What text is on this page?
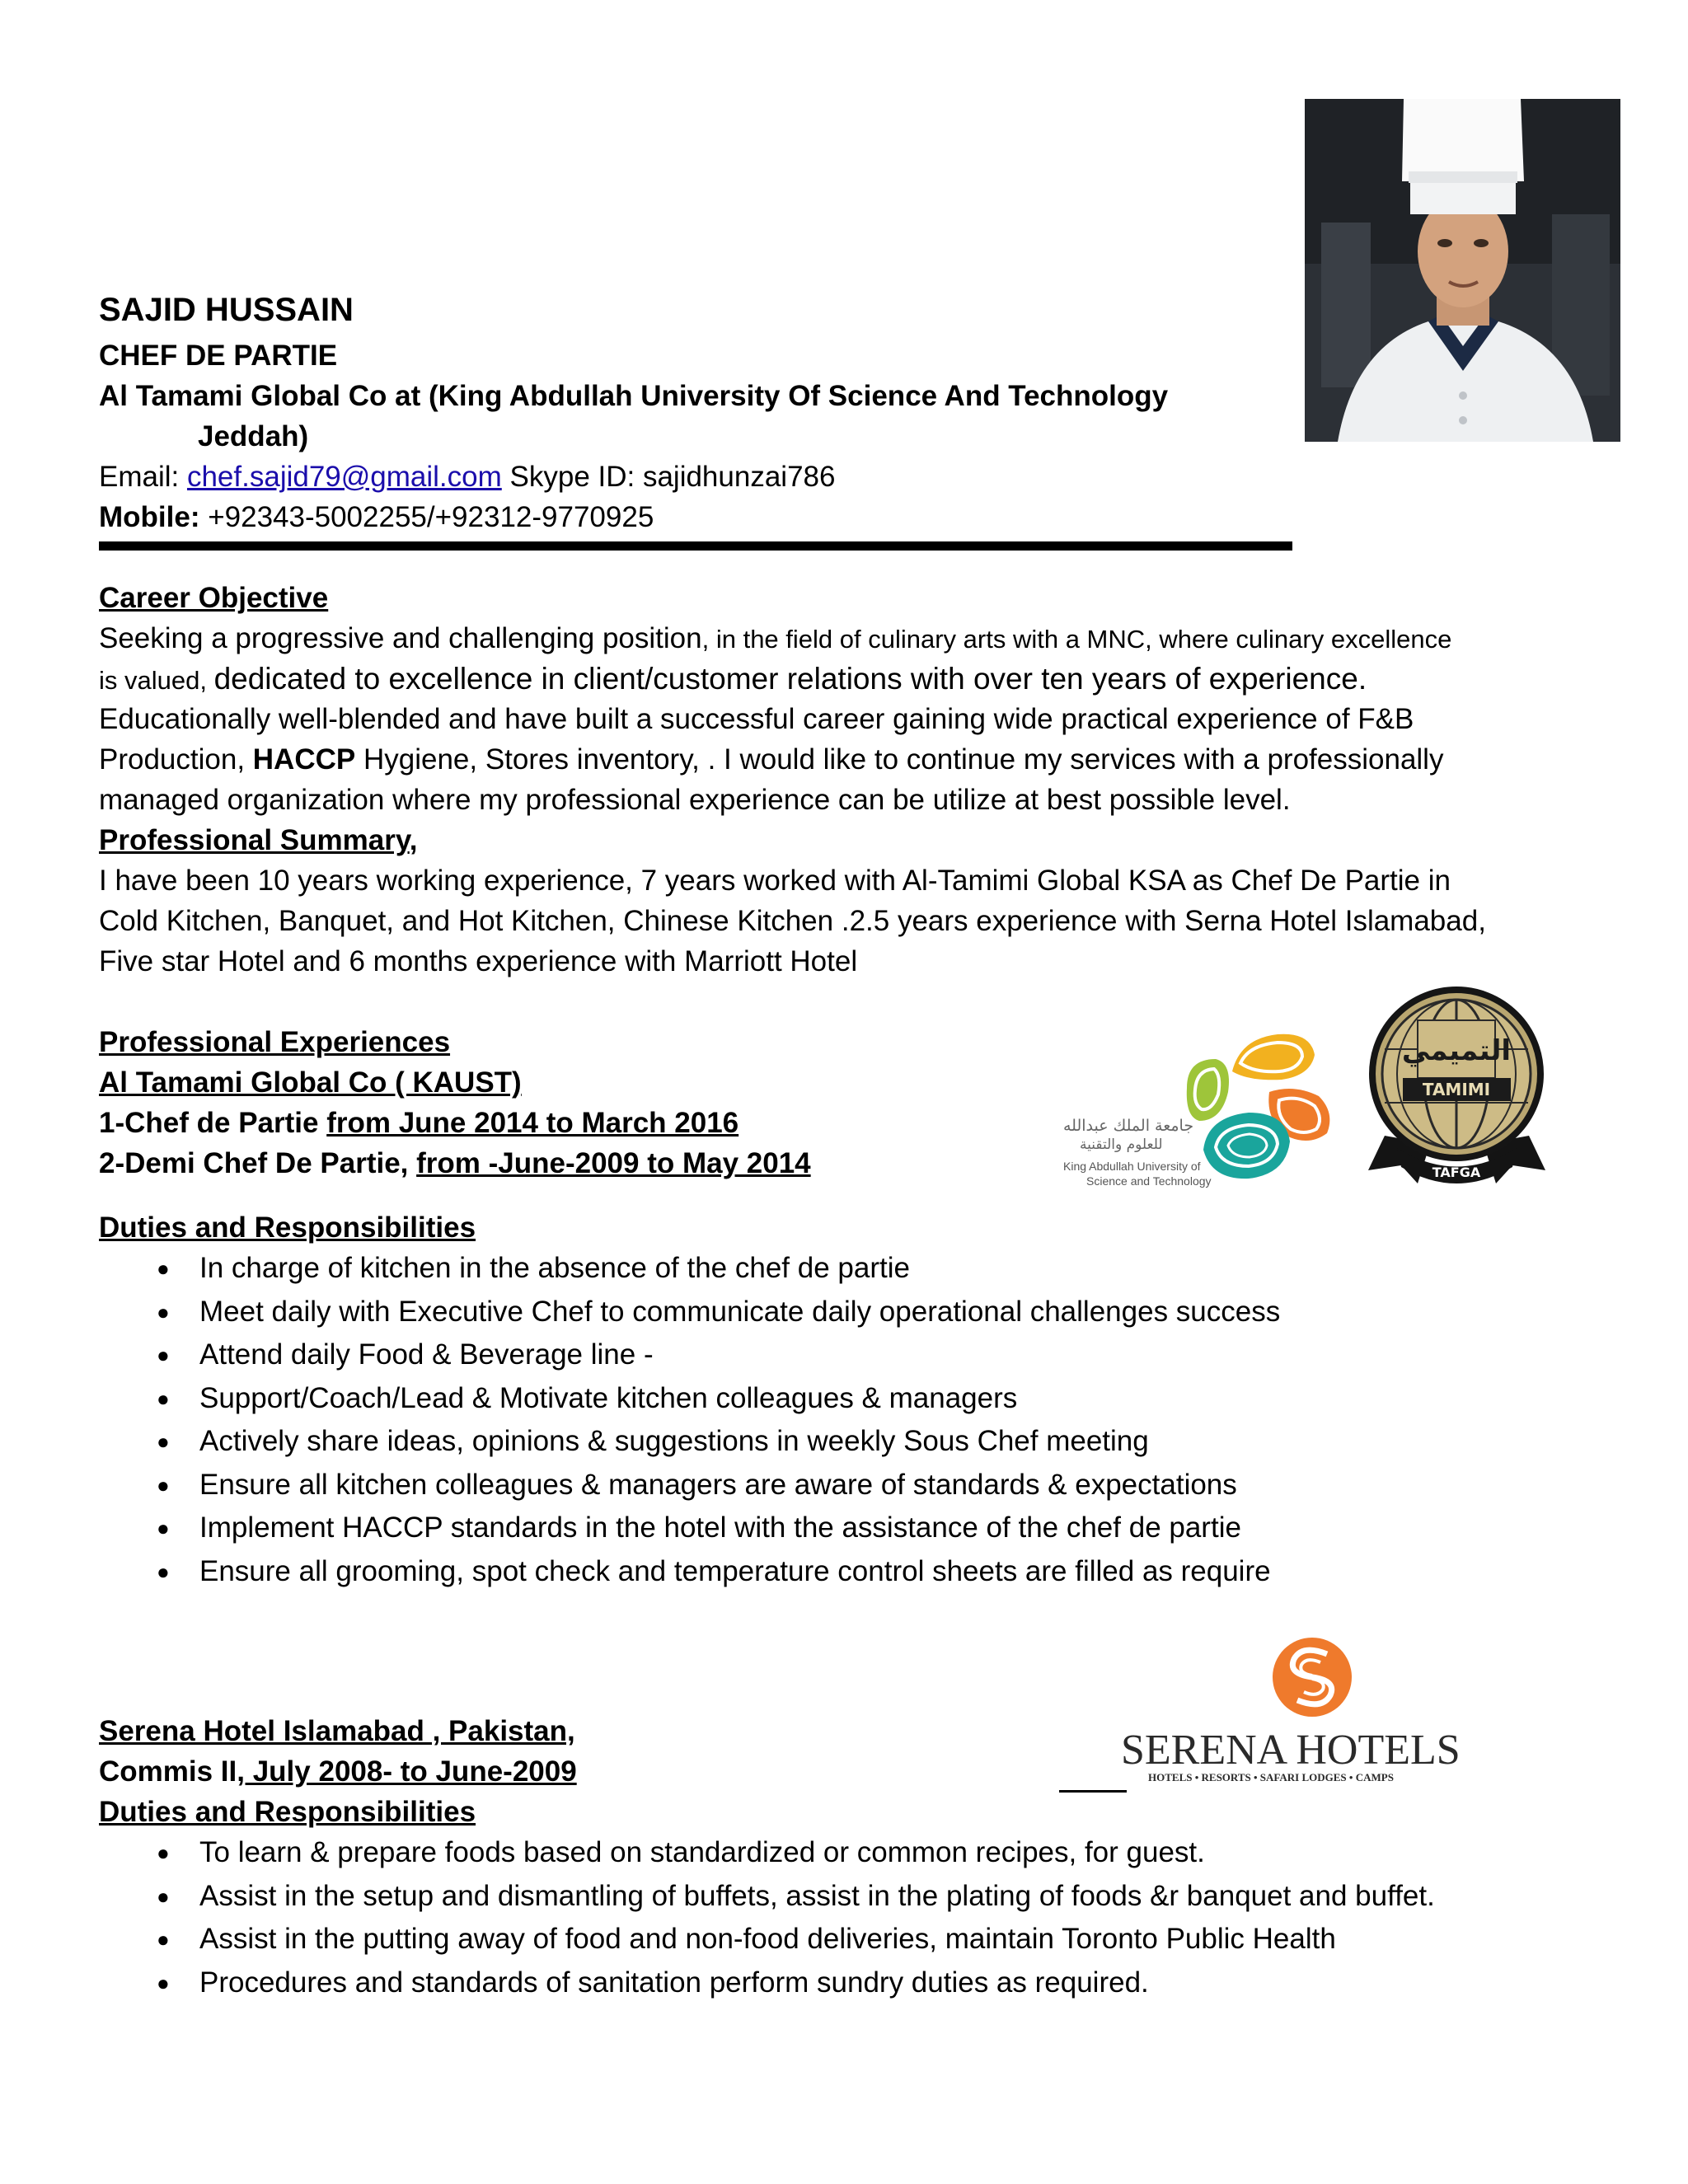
SAJID HUSSAIN
CHEF DE PARTIE
Al Tamami Global Co at (King Abdullah University Of Science And Technology
Jeddah)
Email: chef.sajid79@gmail.com Skype ID: sajidhunzai786
Mobile: +92343-5002255/+92312-9770925
Career Objective
Seeking a progressive and challenging position, in the field of culinary arts with a MNC, where culinary excellence
is valued, dedicated to excellence in client/customer relations with over ten years of experience.
Educationally well-blended and have built a successful career gaining wide practical experience of F&B
Production, HACCP Hygiene, Stores inventory, . I would like to continue my services with a professionally
managed organization where my professional experience can be utilize at best possible level.
Professional Summary,
I have been 10 years working experience, 7 years worked with Al-Tamimi Global KSA as Chef De Partie in
Cold Kitchen, Banquet, and Hot Kitchen, Chinese Kitchen .2.5 years experience with Serna Hotel Islamabad,
Five star Hotel and 6 months experience with Marriott Hotel
Professional Experiences
Al Tamami Global Co ( KAUST)
1-Chef de Partie from June 2014 to March 2016
2-Demi Chef De Partie, from -June-2009 to May 2014
جامعة الملك عبدالله
للعلوم والتقنية
King Abdullah University of
Science and Technology
التميمي
TAMIMI
TAFGA
Duties and Responsibilities
● In charge of kitchen in the absence of the chef de partie
● Meet daily with Executive Chef to communicate daily operational challenges success
● Attend daily Food & Beverage line -
● Support/Coach/Lead & Motivate kitchen colleagues & managers
● Actively share ideas, opinions & suggestions in weekly Sous Chef meeting
● Ensure all kitchen colleagues & managers are aware of standards & expectations
● Implement HACCP standards in the hotel with the assistance of the chef de partie
● Ensure all grooming, spot check and temperature control sheets are filled as require
SERENA HOTELS
HOTELS • RESORTS • SAFARI LODGES • CAMPS
Serena Hotel Islamabad , Pakistan,
Commis II, July 2008- to June-2009
Duties and Responsibilities
● To learn & prepare foods based on standardized or common recipes, for guest.
● Assist in the setup and dismantling of buffets, assist in the plating of foods &r banquet and buffet.
● Assist in the putting away of food and non-food deliveries, maintain Toronto Public Health
● Procedures and standards of sanitation perform sundry duties as required.
